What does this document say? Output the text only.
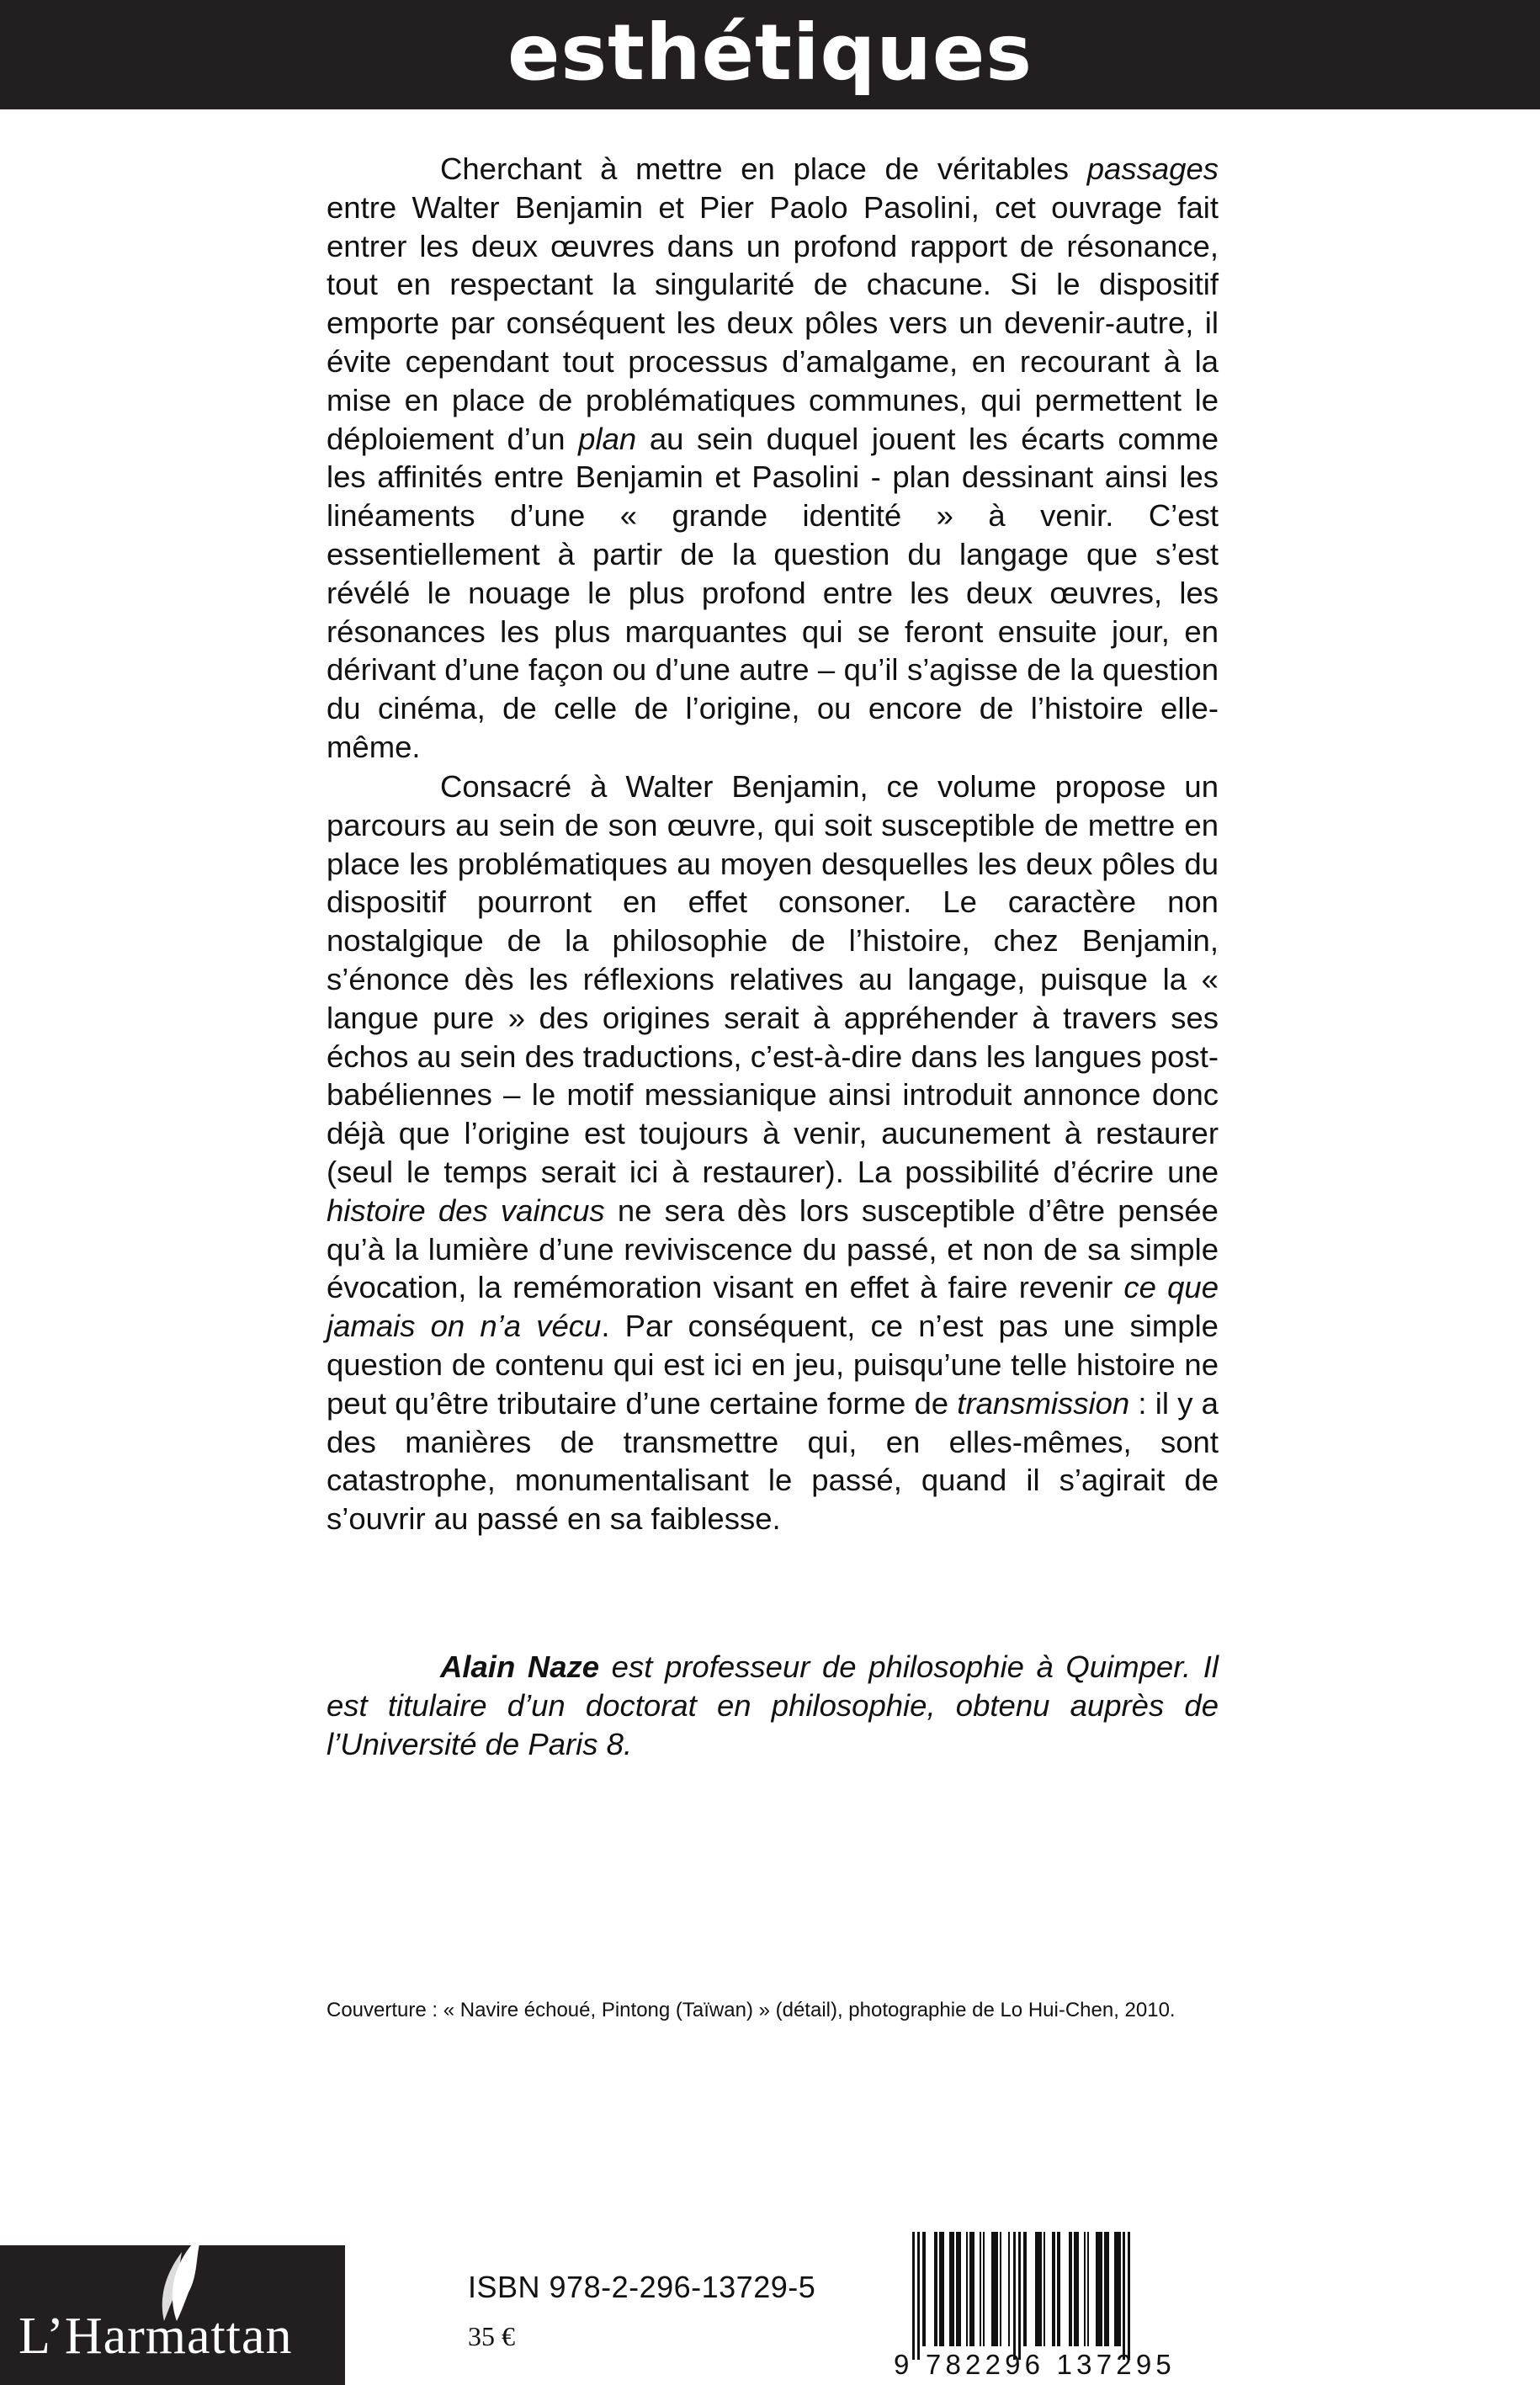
esthétiques

Cherchant à mettre en place de véritables passages entre Walter Benjamin et Pier Paolo Pasolini, cet ouvrage fait entrer les deux œuvres dans un profond rapport de résonance, tout en respectant la singularité de chacune. Si le dispositif emporte par conséquent les deux pôles vers un devenir-autre, il évite cependant tout processus d’amalgame, en recourant à la mise en place de problématiques communes, qui permettent le déploiement d’un plan au sein duquel jouent les écarts comme les affinités entre Benjamin et Pasolini - plan dessinant ainsi les linéaments d’une « grande identité » à venir. C’est essentiellement à partir de la question du langage que s’est révélé le nouage le plus profond entre les deux œuvres, les résonances les plus marquantes qui se feront ensuite jour, en dérivant d’une façon ou d’une autre – qu’il s’agisse de la question du cinéma, de celle de l’origine, ou encore de l’histoire elle-même.

Consacré à Walter Benjamin, ce volume propose un parcours au sein de son œuvre, qui soit susceptible de mettre en place les problématiques au moyen desquelles les deux pôles du dispositif pourront en effet consoner. Le caractère non nostalgique de la philosophie de l’histoire, chez Benjamin, s’énonce dès les réflexions relatives au langage, puisque la « langue pure » des origines serait à appréhender à travers ses échos au sein des traductions, c’est-à-dire dans les langues post-babéliennes – le motif messianique ainsi introduit annonce donc déjà que l’origine est toujours à venir, aucunement à restaurer (seul le temps serait ici à restaurer). La possibilité d’écrire une histoire des vaincus ne sera dès lors susceptible d’être pensée qu’à la lumière d’une reviviscence du passé, et non de sa simple évocation, la remémoration visant en effet à faire revenir ce que jamais on n’a vécu. Par conséquent, ce n’est pas une simple question de contenu qui est ici en jeu, puisqu’une telle histoire ne peut qu’être tributaire d’une certaine forme de transmission : il y a des manières de transmettre qui, en elles-mêmes, sont catastrophe, monumentalisant le passé, quand il s’agirait de s’ouvrir au passé en sa faiblesse.

Alain Naze est professeur de philosophie à Quimper. Il est titulaire d’un doctorat en philosophie, obtenu auprès de l’Université de Paris 8.

Couverture : « Navire échoué, Pintong (Taïwan) » (détail), photographie de Lo Hui-Chen, 2010.
L’Harmattan
ISBN 978-2-296-13729-5
35 €
9 782296 137295
